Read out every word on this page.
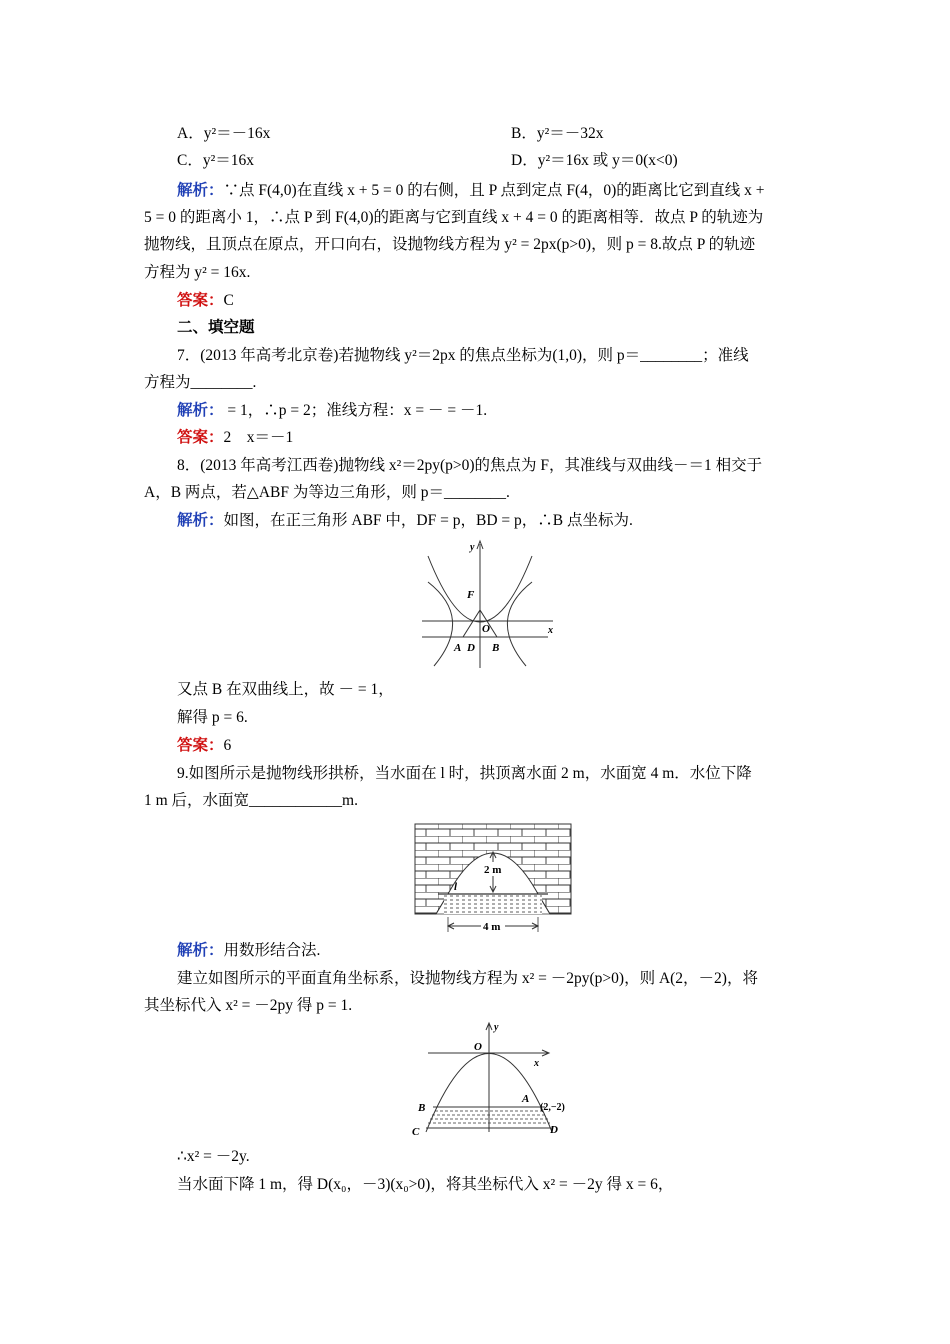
A．y²＝－16x	B．y²＝－32x
C．y²＝16x	D．y²＝16x 或 y＝0(x<0)
解析：∵点 F(4,0)在直线 x + 5 = 0 的右侧，且 P 点到定点 F(4，0)的距离比它到直线 x +
5 = 0 的距离小 1，∴点 P 到 F(4,0)的距离与它到直线 x + 4 = 0 的距离相等．故点 P 的轨迹为
抛物线，且顶点在原点，开口向右，设抛物线方程为 y² = 2px(p>0)，则 p = 8.故点 P 的轨迹
方程为 y² = 16x.
答案：C
二、填空题
7．(2013 年高考北京卷)若抛物线 y²＝2px 的焦点坐标为(1,0)，则 p＝________；准线
方程为________.
解析： = 1，∴p = 2；准线方程：x = － = －1.
答案：2　x＝－1
8．(2013 年高考江西卷)抛物线 x²＝2py(p>0)的焦点为 F，其准线与双曲线－＝1 相交于
A，B 两点，若△ABF 为等边三角形，则 p＝________.
解析：如图，在正三角形 ABF 中，DF = p，BD = p，∴B 点坐标为.
y
x
F
O
A D B
又点 B 在双曲线上，故 － = 1，
解得 p = 6.
答案：6
9.如图所示是抛物线形拱桥，当水面在 l 时，拱顶离水面 2 m，水面宽 4 m．水位下降
1 m 后，水面宽____________m.
2 m
l
4 m
解析：用数形结合法.
建立如图所示的平面直角坐标系，设抛物线方程为 x² = －2py(p>0)，则 A(2，－2)，将
其坐标代入 x² = －2py 得 p = 1.
y
O
x
A
(2,−2)
B
C	D
∴x² = －2y.
当水面下降 1 m，得 D(x₀，－3)(x₀>0)，将其坐标代入 x² = －2y 得 x = 6，
